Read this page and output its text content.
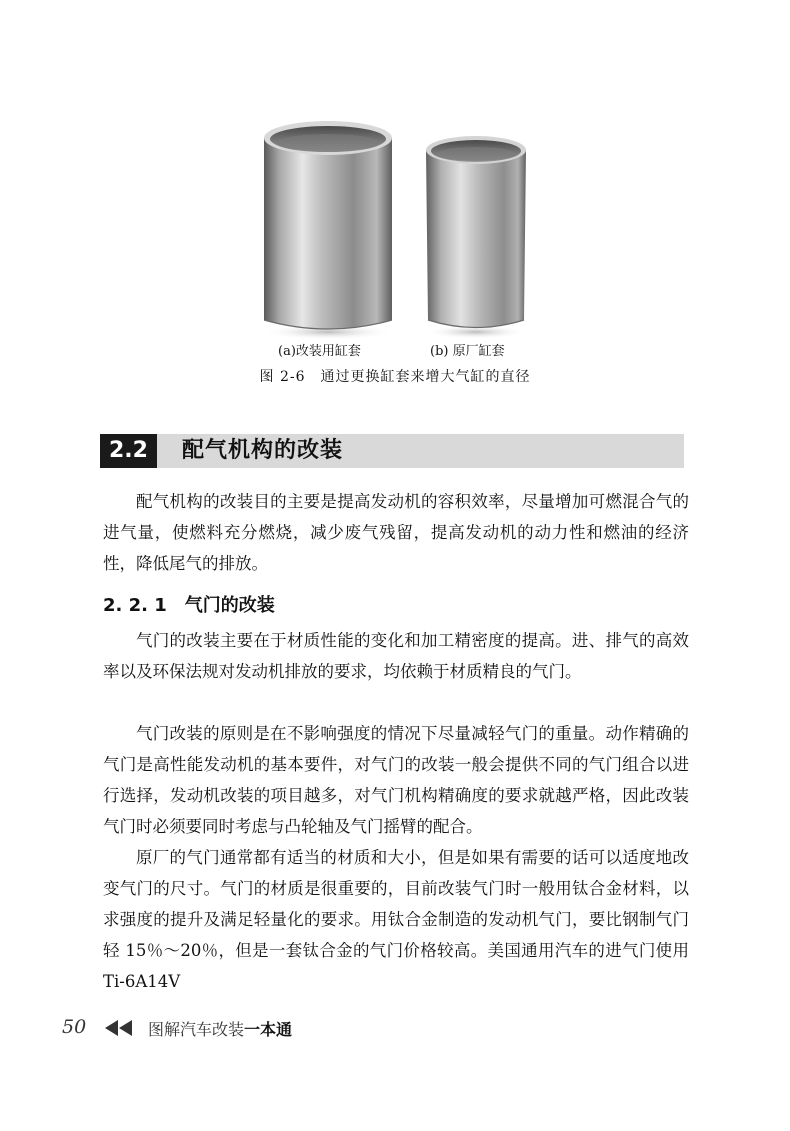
(a)改装用缸套	(b) 原厂缸套
图 2-6　通过更换缸套来增大气缸的直径
2.2	配气机构的改装

配气机构的改装目的主要是提高发动机的容积效率，尽量增加可燃混合气的进气量，使燃料充分燃烧，减少废气残留，提高发动机的动力性和燃油的经济性，降低尾气的排放。

2. 2. 1 气门的改装

气门的改装主要在于材质性能的变化和加工精密度的提高。进、排气的高效率以及环保法规对发动机排放的要求，均依赖于材质精良的气门。

气门改装的原则是在不影响强度的情况下尽量减轻气门的重量。动作精确的气门是高性能发动机的基本要件，对气门的改装一般会提供不同的气门组合以进行选择，发动机改装的项目越多，对气门机构精确度的要求就越严格，因此改装气门时必须要同时考虑与凸轮轴及气门摇臂的配合。

原厂的气门通常都有适当的材质和大小，但是如果有需要的话可以适度地改变气门的尺寸。气门的材质是很重要的，目前改装气门时一般用钛合金材料，以求强度的提升及满足轻量化的要求。用钛合金制造的发动机气门，要比钢制气门轻 15％～20％，但是一套钛合金的气门价格较高。美国通用汽车的进气门使用 Ti-6A14V

50	图解汽车改装一本通
